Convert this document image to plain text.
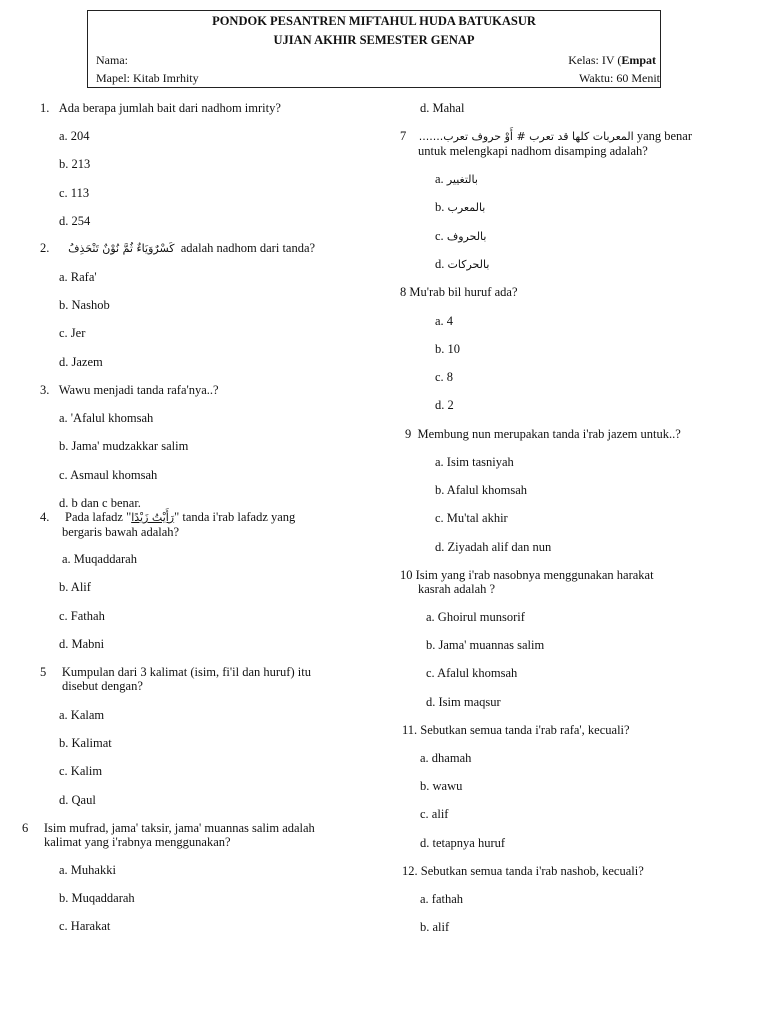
PONDOK PESANTREN MIFTAHUL HUDA BATUKASUR
UJIAN AKHIR SEMESTER GENAP
Nama:	Kelas: IV (Empat
Mapel: Kitab Imrhity	Waktu: 60 Menit
1. Ada berapa jumlah bait dari nadhom imrity?
a. 204
b. 213
c. 113
d. 254
2. كَسْرٌوَيَاءٌ ثُمَّ نُوْنٌ تَنْحَذِفُ adalah nadhom dari tanda?
a. Rafa'
b. Nashob
c. Jer
d. Jazem
3. Wawu menjadi tanda rafa'nya..?
a. 'Afalul khomsah
b. Jama' mudzakkar salim
c. Asmaul khomsah
d. b dan c benar.
4. Pada lafadz "رَأَيْتُ زَيْدًا" tanda i'rab lafadz yang
bergaris bawah adalah?
a. Muqaddarah
b. Alif
c. Fathah
d. Mabni
5 Kumpulan dari 3 kalimat (isim, fi'il dan huruf) itu
disebut dengan?
a. Kalam
b. Kalimat
c. Kalim
d. Qaul
6 Isim mufrad, jama' taksir, jama' muannas salim adalah
kalimat yang i'rabnya menggunakan?
a. Muhakki
b. Muqaddarah
c. Harakat
d. Mahal
7 المعربات كلها قد تعرب # أَوْ حروف تعرب....... yang benar
untuk melengkapi nadhom disamping adalah?
a. بالتغيير
b. بالمعرب
c. بالحروف
d. بالحركات
8 Mu'rab bil huruf ada?
a. 4
b. 10
c. 8
d. 2
9 Membung nun merupakan tanda i'rab jazem untuk..?
a. Isim tasniyah
b. Afalul khomsah
c. Mu'tal akhir
d. Ziyadah alif dan nun
10 Isim yang i'rab nasobnya menggunakan harakat
kasrah adalah ?
a. Ghoirul munsorif
b. Jama' muannas salim
c. Afalul khomsah
d. Isim maqsur
11. Sebutkan semua tanda i'rab rafa', kecuali?
a. dhamah
b. wawu
c. alif
d. tetapnya huruf
12. Sebutkan semua tanda i'rab nashob, kecuali?
a. fathah
b. alif
